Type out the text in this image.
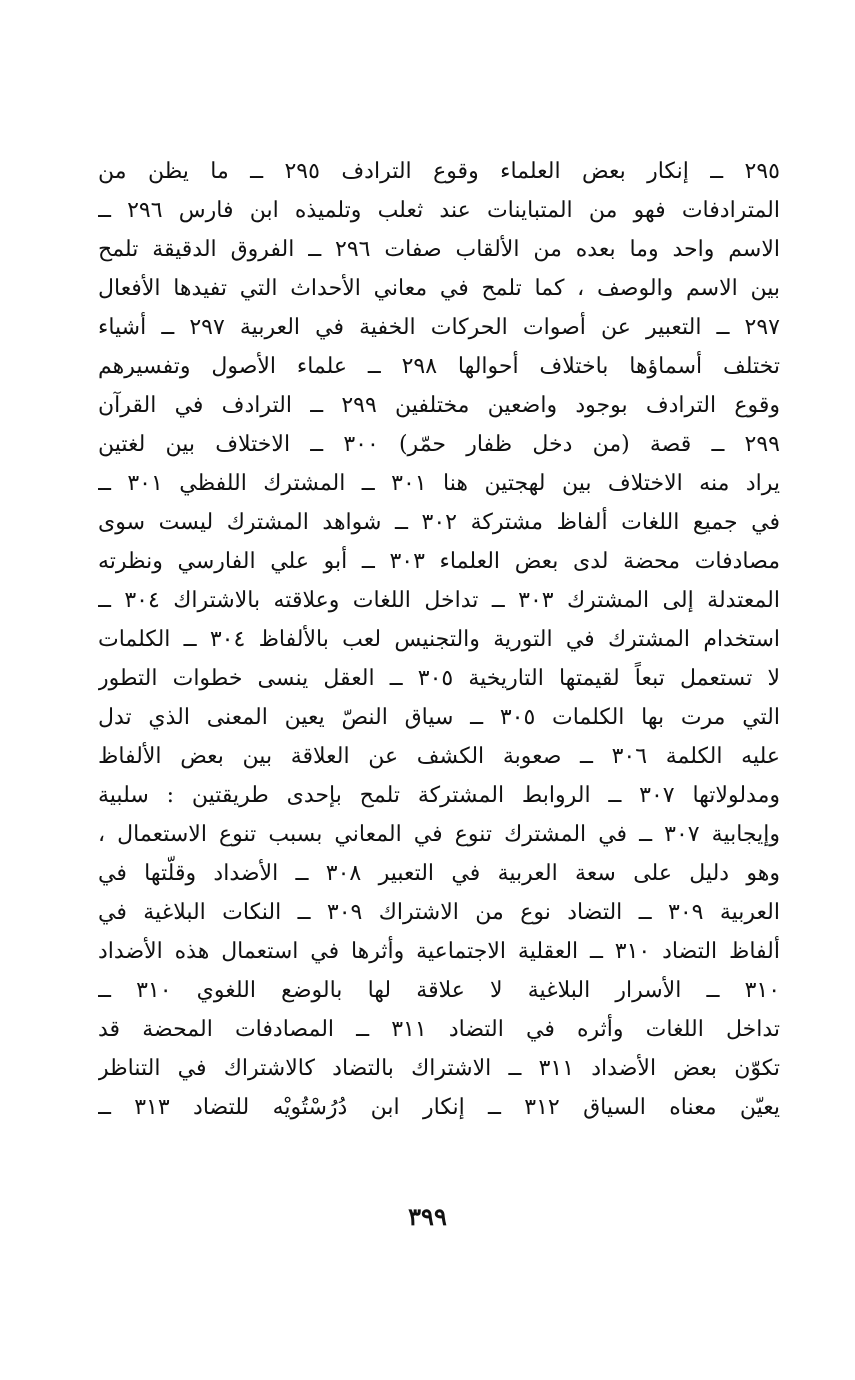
٢٩٥ ــ إنكار بعض العلماء وقوع الترادف ٢٩٥ ــ ما يظن من
المترادفات فهو من المتباينات عند ثعلب وتلميذه ابن فارس ٢٩٦ ــ
الاسم واحد وما بعده من الألقاب صفات ٢٩٦ ــ الفروق الدقيقة تلمح
بين الاسم والوصف ، كما تلمح في معاني الأحداث التي تفيدها الأفعال
٢٩٧ ــ التعبير عن أصوات الحركات الخفية في العربية ٢٩٧ ــ أشياء
تختلف أسماؤها باختلاف أحوالها ٢٩٨ ــ علماء الأصول وتفسيرهم
وقوع الترادف بوجود واضعين مختلفين ٢٩٩ ــ الترادف في القرآن
٢٩٩ ــ قصة (من دخل ظفار حمّر) ٣٠٠ ــ الاختلاف بين لغتين
يراد منه الاختلاف بين لهجتين هنا ٣٠١ ــ المشترك اللفظي ٣٠١ ــ
في جميع اللغات ألفاظ مشتركة ٣٠٢ ــ شواهد المشترك ليست سوى
مصادفات محضة لدى بعض العلماء ٣٠٣ ــ أبو علي الفارسي ونظرته
المعتدلة إلى المشترك ٣٠٣ ــ تداخل اللغات وعلاقته بالاشتراك ٣٠٤ ــ
استخدام المشترك في التورية والتجنيس لعب بالألفاظ ٣٠٤ ــ الكلمات
لا تستعمل تبعاً لقيمتها التاريخية ٣٠٥ ــ العقل ينسى خطوات التطور
التي مرت بها الكلمات ٣٠٥ ــ سياق النصّ يعين المعنى الذي تدل
عليه الكلمة ٣٠٦ ــ صعوبة الكشف عن العلاقة بين بعض الألفاظ
ومدلولاتها ٣٠٧ ــ الروابط المشتركة تلمح بإحدى طريقتين : سلبية
وإيجابية ٣٠٧ ــ في المشترك تنوع في المعاني بسبب تنوع الاستعمال ،
وهو دليل على سعة العربية في التعبير ٣٠٨ ــ الأضداد وقلّتها في
العربية ٣٠٩ ــ التضاد نوع من الاشتراك ٣٠٩ ــ النكات البلاغية في
ألفاظ التضاد ٣١٠ ــ العقلية الاجتماعية وأثرها في استعمال هذه الأضداد
٣١٠ ــ الأسرار البلاغية لا علاقة لها بالوضع اللغوي ٣١٠ ــ
تداخل اللغات وأثره في التضاد ٣١١ ــ المصادفات المحضة قد
تكوّن بعض الأضداد ٣١١ ــ الاشتراك بالتضاد كالاشتراك في التناظر
يعيّن معناه السياق ٣١٢ ــ إنكار ابن دُرُسْتُويْه للتضاد ٣١٣ ــ
٣٩٩
